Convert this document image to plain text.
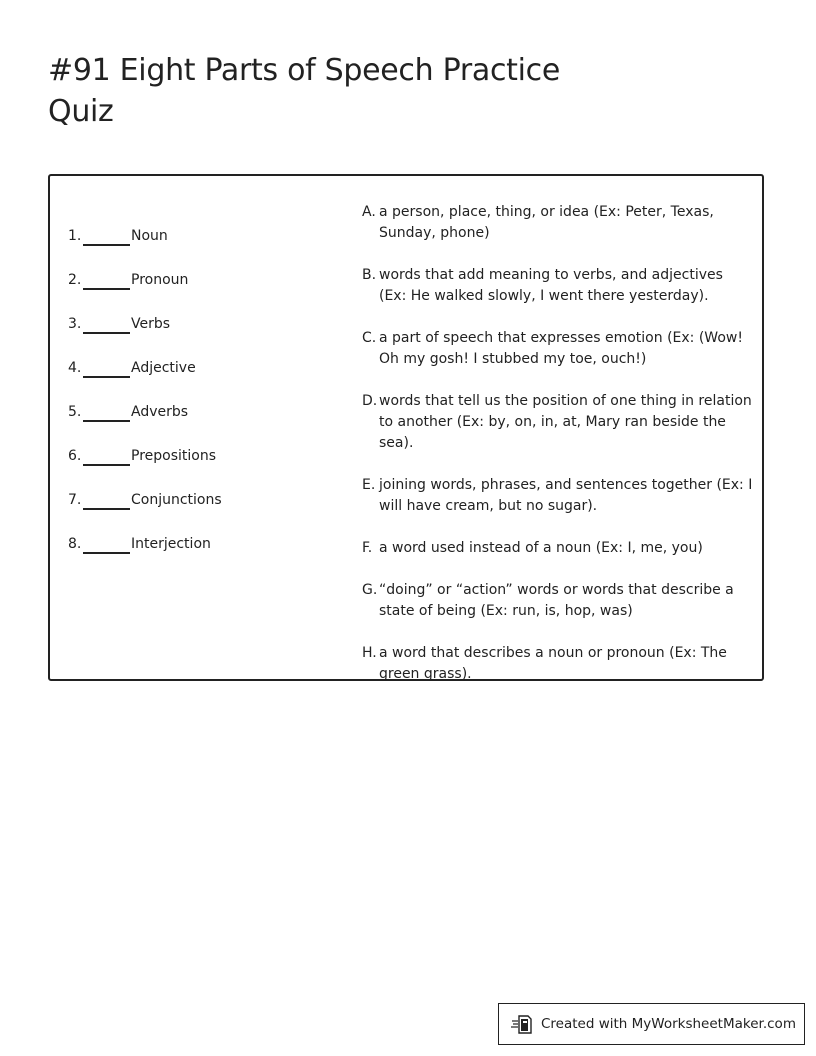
#91 Eight Parts of Speech Practice Quiz
1.	Noun
2.	Pronoun
3.	Verbs
4.	Adjective
5.	Adverbs
6.	Prepositions
7.	Conjunctions
8.	Interjection
A. a person, place, thing, or idea (Ex: Peter, Texas, Sunday, phone)
B. words that add meaning to verbs, and adjectives (Ex: He walked slowly, I went there yesterday).
C. a part of speech that expresses emotion (Ex: (Wow! Oh my gosh! I stubbed my toe, ouch!)
D. words that tell us the position of one thing in relation to another (Ex: by, on, in, at, Mary ran beside the sea).
E. joining words, phrases, and sentences together (Ex: I will have cream, but no sugar).
F. a word used instead of a noun (Ex: I, me, you)
G. “doing” or “action” words or words that describe a state of being (Ex: run, is, hop, was)
H. a word that describes a noun or pronoun (Ex: The green grass).
Created with MyWorksheetMaker.com
